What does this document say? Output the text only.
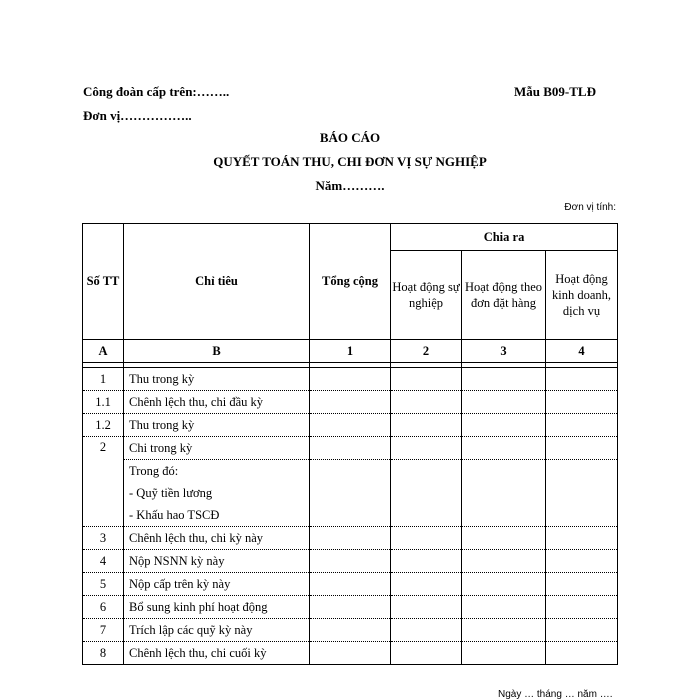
Công đoàn cấp trên:……..	Mẫu B09-TLĐ
Đơn vị……………..
BÁO CÁO
QUYẾT TOÁN THU, CHI ĐƠN VỊ SỰ NGHIỆP
Năm……….
Đơn vị tính:
Số TT	Chỉ tiêu	Tổng cộng	Chia ra		
			Hoạt động sự nghiệp	Hoạt động theo đơn đặt hàng	Hoạt động kinh doanh, dịch vụ
A	B	1	2	3	4

1	Thu trong kỳ				
1.1	Chênh lệch thu, chi đầu kỳ				
1.2	Thu trong kỳ				
2	Chi trong kỳ				
	Trong đó:				
	- Quỹ tiền lương				
	- Khấu hao TSCĐ				
3	Chênh lệch thu, chi kỳ này				
4	Nộp NSNN kỳ này				
5	Nộp cấp trên kỳ này				
6	Bổ sung kinh phí hoạt động				
7	Trích lập các quỹ kỳ này				
8	Chênh lệch thu, chi cuối kỳ				
Ngày … tháng … năm ….
